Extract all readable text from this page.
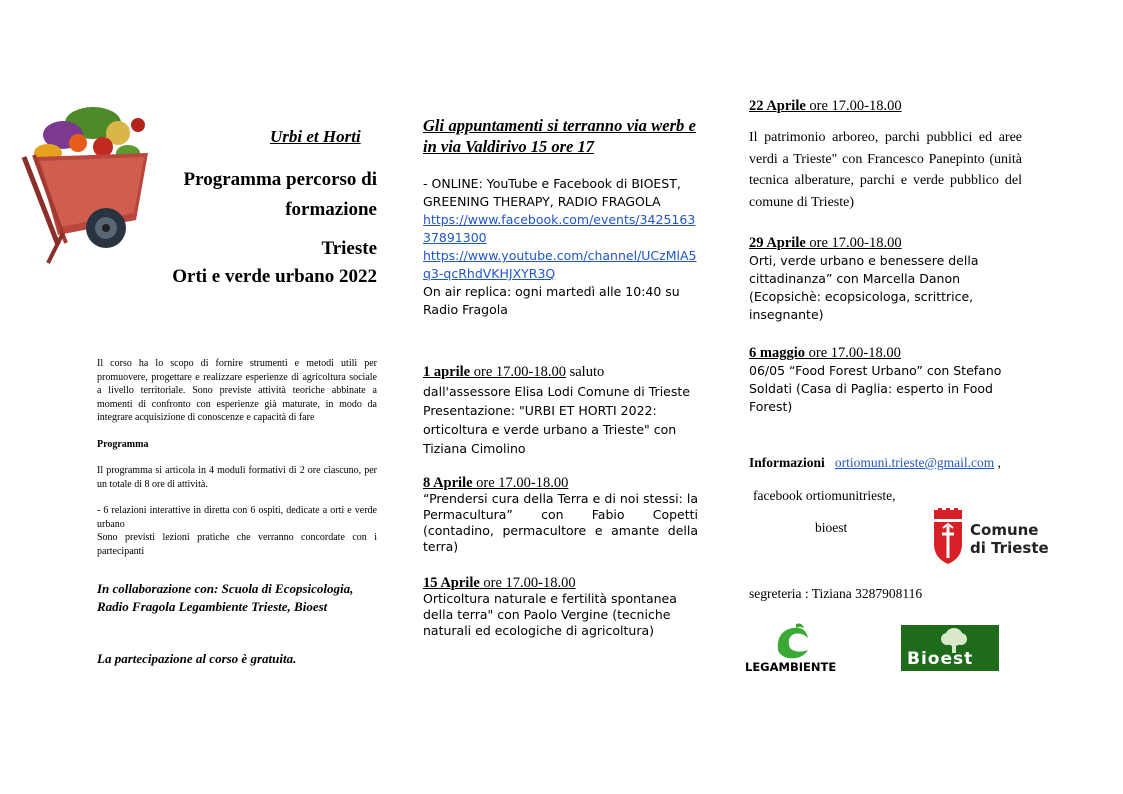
Urbi et Horti
Programma percorso di
formazione
Trieste
Orti e verde urbano 2022
Il corso ha lo scopo di fornire strumenti e metodi utili per promuovere, progettare e realizzare esperienze di agricoltura sociale a livello territoriale. Sono previste attività teoriche abbinate a momenti di confronto con esperienze già maturate, in modo da integrare acquisizione di conoscenze e capacità di fare
Programma
Il programma si articola in 4 moduli formativi di 2 ore ciascuno, per un totale di 8 ore di attività.
- 6 relazioni interattive in diretta con 6 ospiti, dedicate a orti e verde urbano
Sono previsti lezioni pratiche che verranno concordate con i partecipanti
In collaborazione con: Scuola di Ecopsicologia, Radio Fragola Legambiente Trieste, Bioest
La partecipazione al corso è gratuita.
Gli appuntamenti si terranno via werb e in via Valdirivo 15 ore 17
- ONLINE: YouTube e Facebook di BIOEST, GREENING THERAPY, RADIO FRAGOLA
https://www.facebook.com/events/342516337891300
https://www.youtube.com/channel/UCzMlA5q3-qcRhdVKHJXYR3Q
On air replica: ogni martedì alle 10:40 su Radio Fragola
1 aprile ore 17.00-18.00 saluto
dall'assessore Elisa Lodi Comune di Trieste Presentazione: "URBI ET HORTI 2022: orticoltura e verde urbano a Trieste" con Tiziana Cimolino
8 Aprile ore 17.00-18.00
“Prendersi cura della Terra e di noi stessi: la Permacultura” con Fabio Copetti (contadino, permacultore e amante della terra)
15 Aprile ore 17.00-18.00
Orticoltura naturale e fertilità spontanea della terra" con Paolo Vergine (tecniche naturali ed ecologiche di agricoltura)
22 Aprile ore 17.00-18.00
Il patrimonio arboreo, parchi pubblici ed aree verdi a Trieste" con Francesco Panepinto (unità tecnica alberature, parchi e verde pubblico del comune di Trieste)
29 Aprile ore 17.00-18.00
Orti, verde urbano e benessere della cittadinanza” con Marcella Danon (Ecopsichè: ecopsicologa, scrittrice, insegnante)
6 maggio ore 17.00-18.00
06/05 “Food Forest Urbano” con Stefano Soldati (Casa di Paglia: esperto in Food Forest)
Informazioni ortiomuni.trieste@gmail.com ,
facebook ortiomunitrieste,
bioest	Comune
di Trieste
segreteria : Tiziana 3287908116
LEGAMBIENTE	Bioest
